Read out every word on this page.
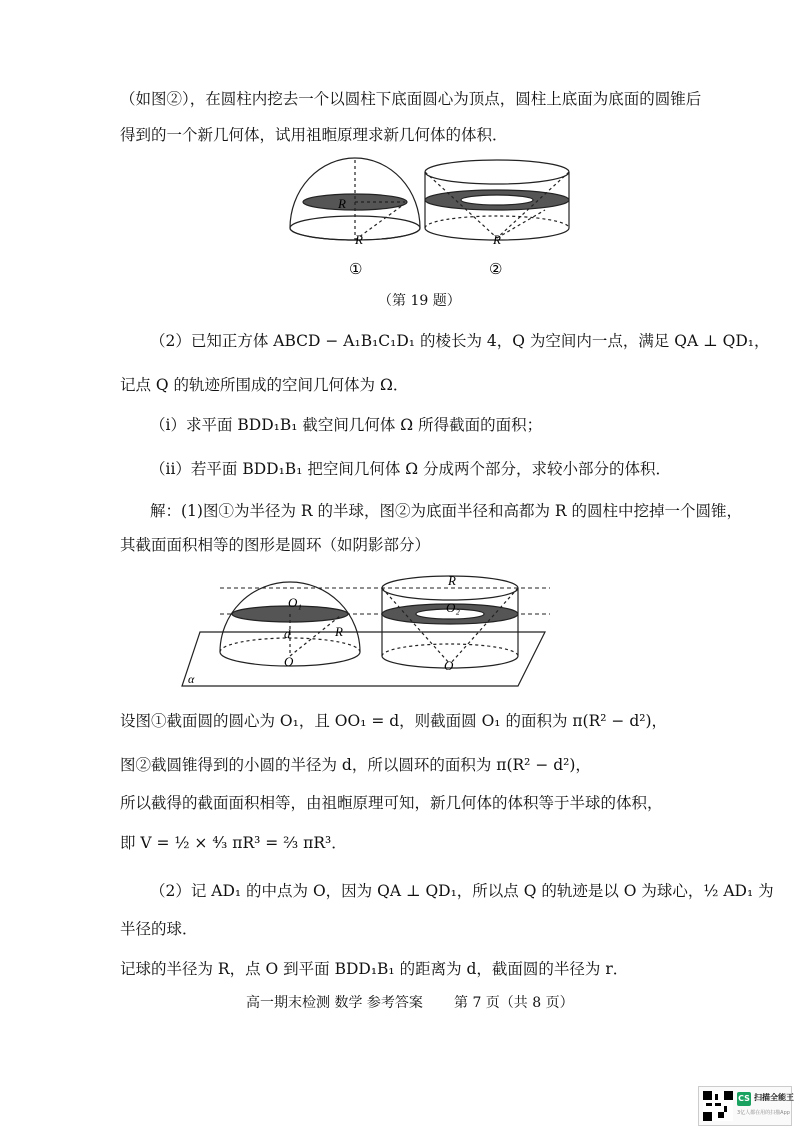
（如图②），在圆柱内挖去一个以圆柱下底面圆心为顶点，圆柱上底面为底面的圆锥后
得到的一个新几何体，试用祖暅原理求新几何体的体积．
R
R	R
①	②
（第 19 题）
（2）已知正方体 ABCD − A₁B₁C₁D₁ 的棱长为 4，Q 为空间内一点，满足 QA ⊥ QD₁，
记点 Q 的轨迹所围成的空间几何体为 Ω．
（i）求平面 BDD₁B₁ 截空间几何体 Ω 所得截面的面积；
（ii）若平面 BDD₁B₁ 把空间几何体 Ω 分成两个部分，求较小部分的体积．
解：(1)图①为半径为 R 的半球，图②为底面半径和高都为 R 的圆柱中挖掉一个圆锥，
其截面面积相等的图形是圆环（如阴影部分）
α
O₁
d	R
O
R
O₂
O
设图①截面圆的圆心为 O₁，且 OO₁ = d，则截面圆 O₁ 的面积为 π(R² − d²)，
图②截圆锥得到的小圆的半径为 d，所以圆环的面积为 π(R² − d²)，
所以截得的截面面积相等，由祖暅原理可知，新几何体的体积等于半球的体积，
即 V = ½ × ⁴⁄₃ πR³ = ⅔ πR³．
（2）记 AD₁ 的中点为 O，因为 QA ⊥ QD₁，所以点 Q 的轨迹是以 O 为球心，½ AD₁ 为
半径的球．
记球的半径为 R，点 O 到平面 BDD₁B₁ 的距离为 d，截面圆的半径为 r．
高一期末检测 数学 参考答案 第 7 页（共 8 页）
CS 扫描全能王
3亿人都在用的扫描App
